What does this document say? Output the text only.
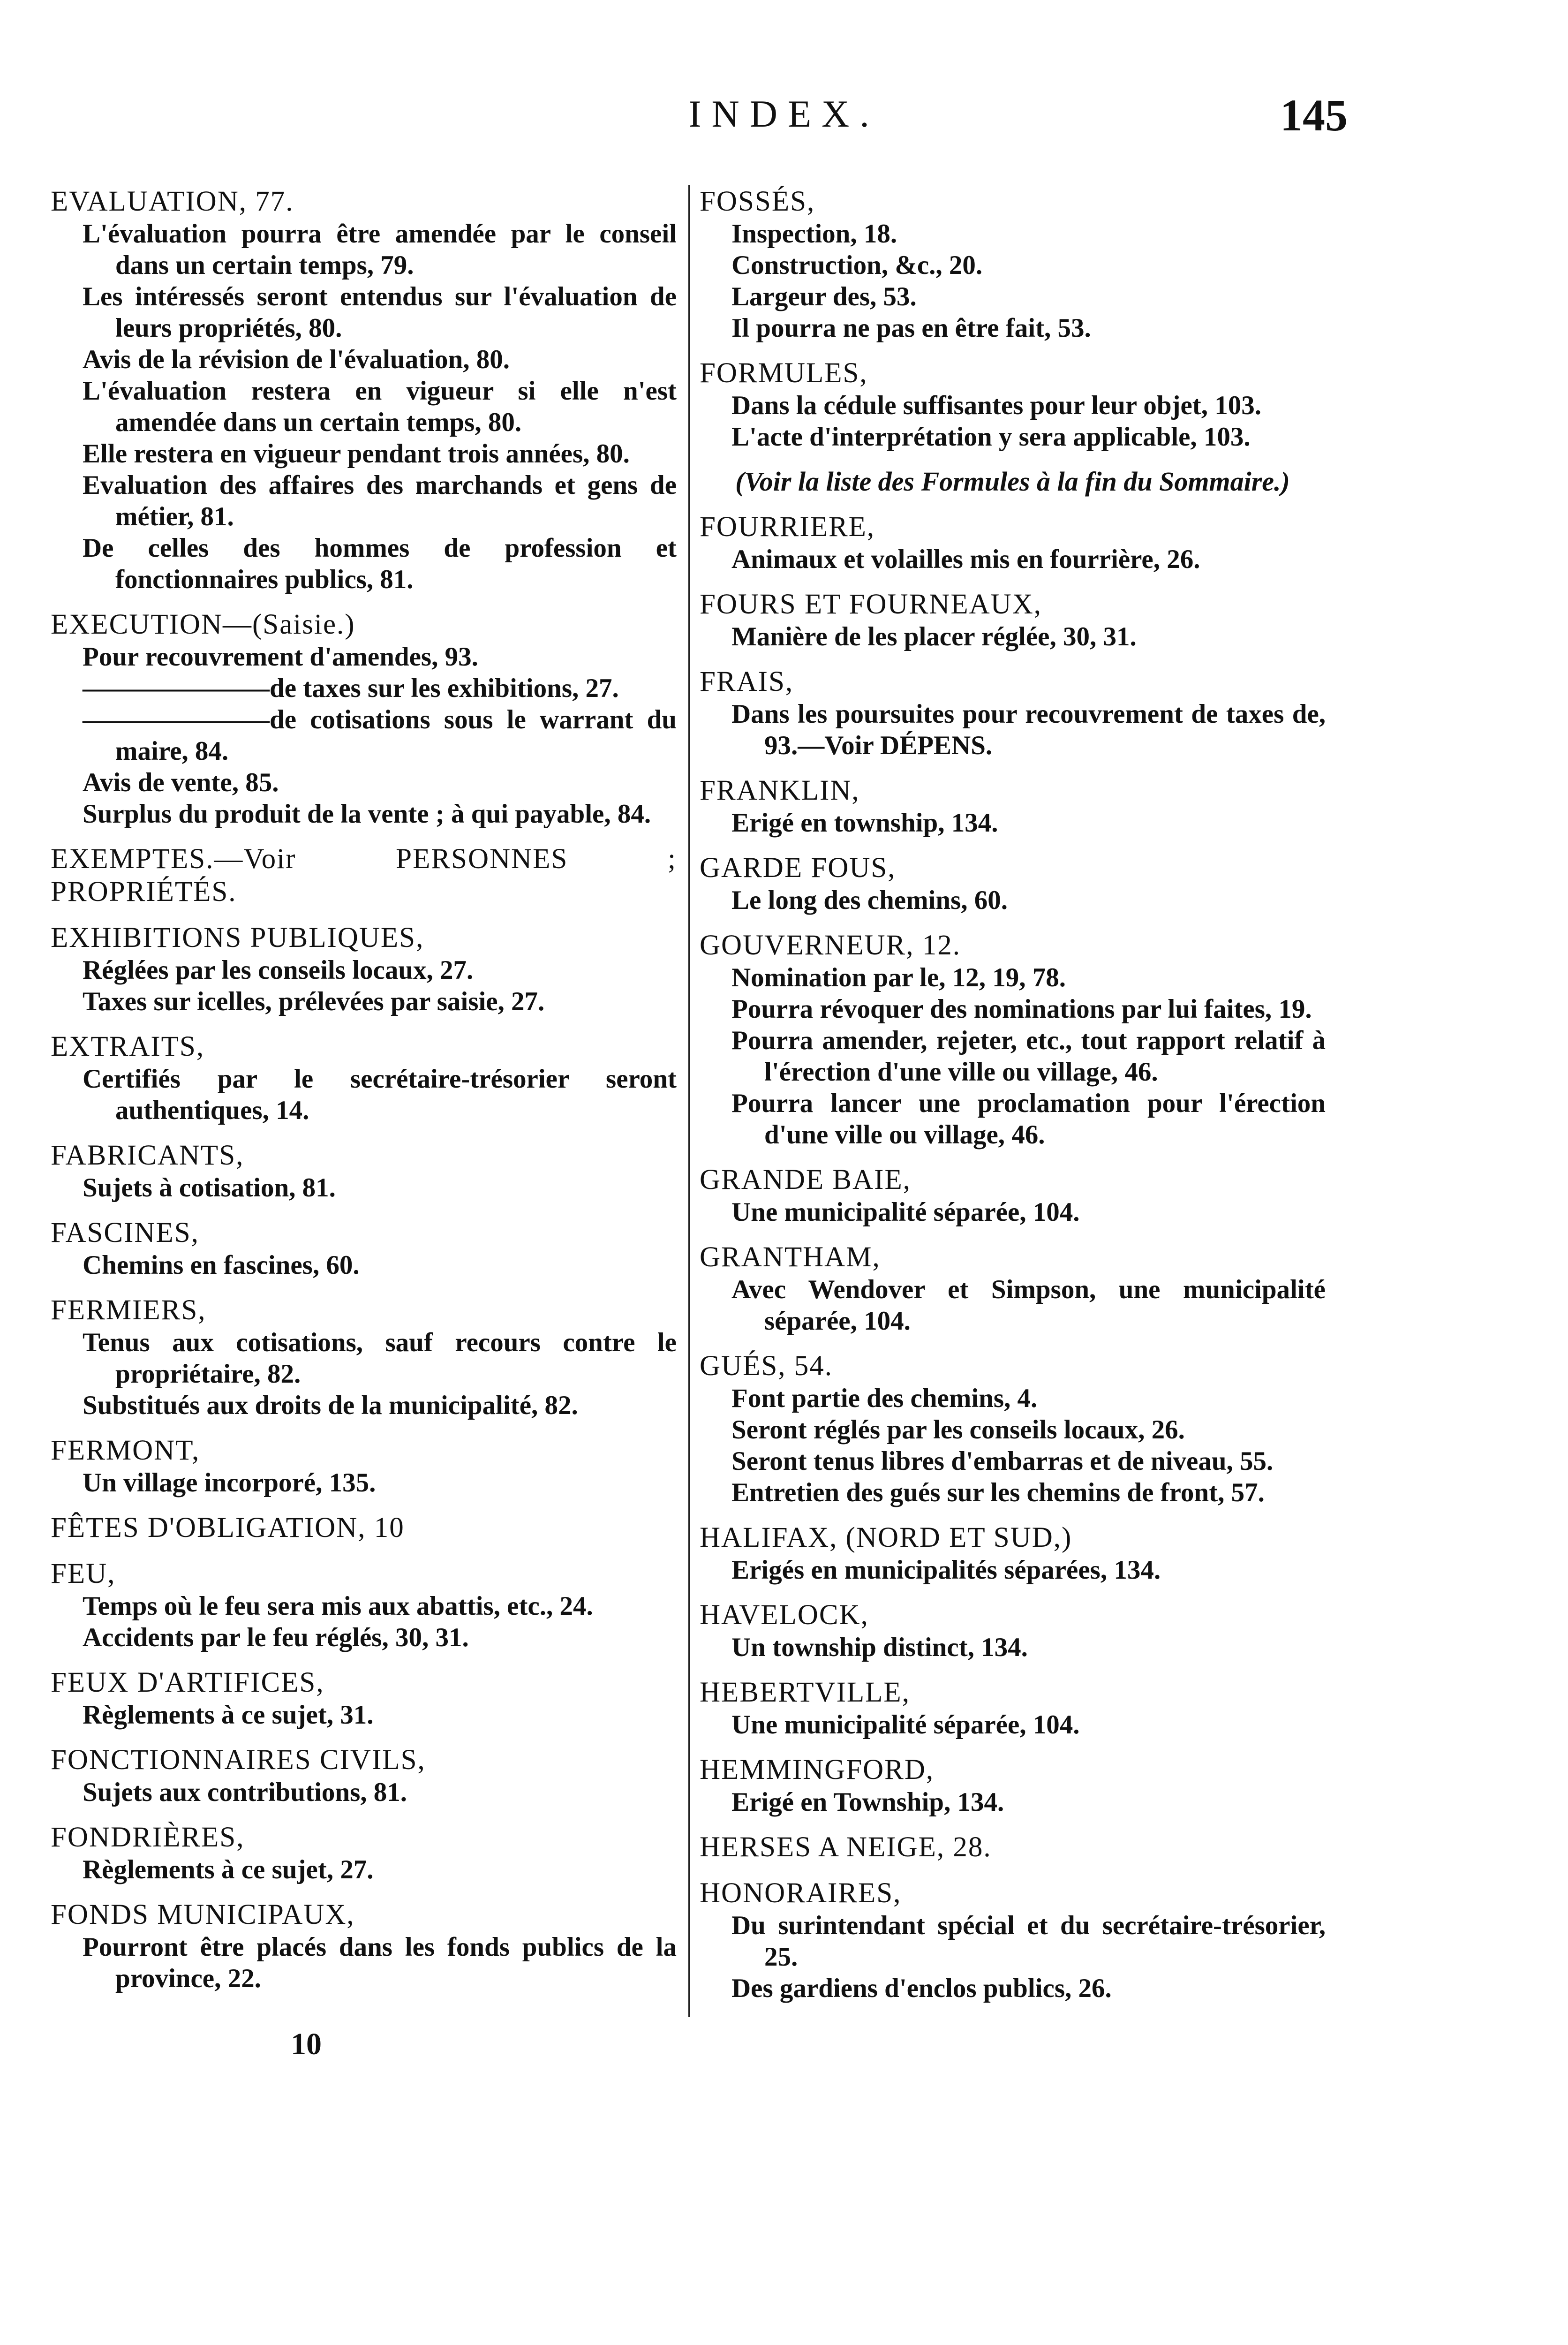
INDEX.	145
EVALUATION, 77.
L'évaluation pourra être amendée par le conseil dans un certain temps, 79.
Les intéressés seront entendus sur l'évaluation de leurs propriétés, 80.
Avis de la révision de l'évaluation, 80.
L'évaluation restera en vigueur si elle n'est amendée dans un certain temps, 80.
Elle restera en vigueur pendant trois années, 80.
Evaluation des affaires des marchands et gens de métier, 81.
De celles des hommes de profession et fonctionnaires publics, 81.
EXECUTION—(Saisie.)
Pour recouvrement d'amendes, 93.
———————de taxes sur les exhibitions, 27.
———————de cotisations sous le warrant du maire, 84.
Avis de vente, 85.
Surplus du produit de la vente ; à qui payable, 84.
EXEMPTES.—Voir PERSONNES ; PROPRIÉTÉS.
EXHIBITIONS PUBLIQUES,
Réglées par les conseils locaux, 27.
Taxes sur icelles, prélevées par saisie, 27.
EXTRAITS,
Certifiés par le secrétaire-trésorier seront authentiques, 14.
FABRICANTS,
Sujets à cotisation, 81.
FASCINES,
Chemins en fascines, 60.
FERMIERS,
Tenus aux cotisations, sauf recours contre le propriétaire, 82.
Substitués aux droits de la municipalité, 82.
FERMONT,
Un village incorporé, 135.
FÊTES D'OBLIGATION, 10
FEU,
Temps où le feu sera mis aux abattis, etc., 24.
Accidents par le feu réglés, 30, 31.
FEUX D'ARTIFICES,
Règlements à ce sujet, 31.
FONCTIONNAIRES CIVILS,
Sujets aux contributions, 81.
FONDRIÈRES,
Règlements à ce sujet, 27.
FONDS MUNICIPAUX,
Pourront être placés dans les fonds publics de la province, 22.
FOSSÉS,
Inspection, 18.
Construction, &c., 20.
Largeur des, 53.
Il pourra ne pas en être fait, 53.
FORMULES,
Dans la cédule suffisantes pour leur objet, 103.
L'acte d'interprétation y sera applicable, 103.
(Voir la liste des Formules à la fin du Sommaire.)
FOURRIERE,
Animaux et volailles mis en fourrière, 26.
FOURS ET FOURNEAUX,
Manière de les placer réglée, 30, 31.
FRAIS,
Dans les poursuites pour recouvrement de taxes de, 93.—Voir DÉPENS.
FRANKLIN,
Erigé en township, 134.
GARDE FOUS,
Le long des chemins, 60.
GOUVERNEUR, 12.
Nomination par le, 12, 19, 78.
Pourra révoquer des nominations par lui faites, 19.
Pourra amender, rejeter, etc., tout rapport relatif à l'érection d'une ville ou village, 46.
Pourra lancer une proclamation pour l'érection d'une ville ou village, 46.
GRANDE BAIE,
Une municipalité séparée, 104.
GRANTHAM,
Avec Wendover et Simpson, une municipalité séparée, 104.
GUÉS, 54.
Font partie des chemins, 4.
Seront réglés par les conseils locaux, 26.
Seront tenus libres d'embarras et de niveau, 55.
Entretien des gués sur les chemins de front, 57.
HALIFAX, (NORD ET SUD,)
Erigés en municipalités séparées, 134.
HAVELOCK,
Un township distinct, 134.
HEBERTVILLE,
Une municipalité séparée, 104.
HEMMINGFORD,
Erigé en Township, 134.
HERSES A NEIGE, 28.
HONORAIRES,
Du surintendant spécial et du secrétaire-trésorier, 25.
Des gardiens d'enclos publics, 26.
10
